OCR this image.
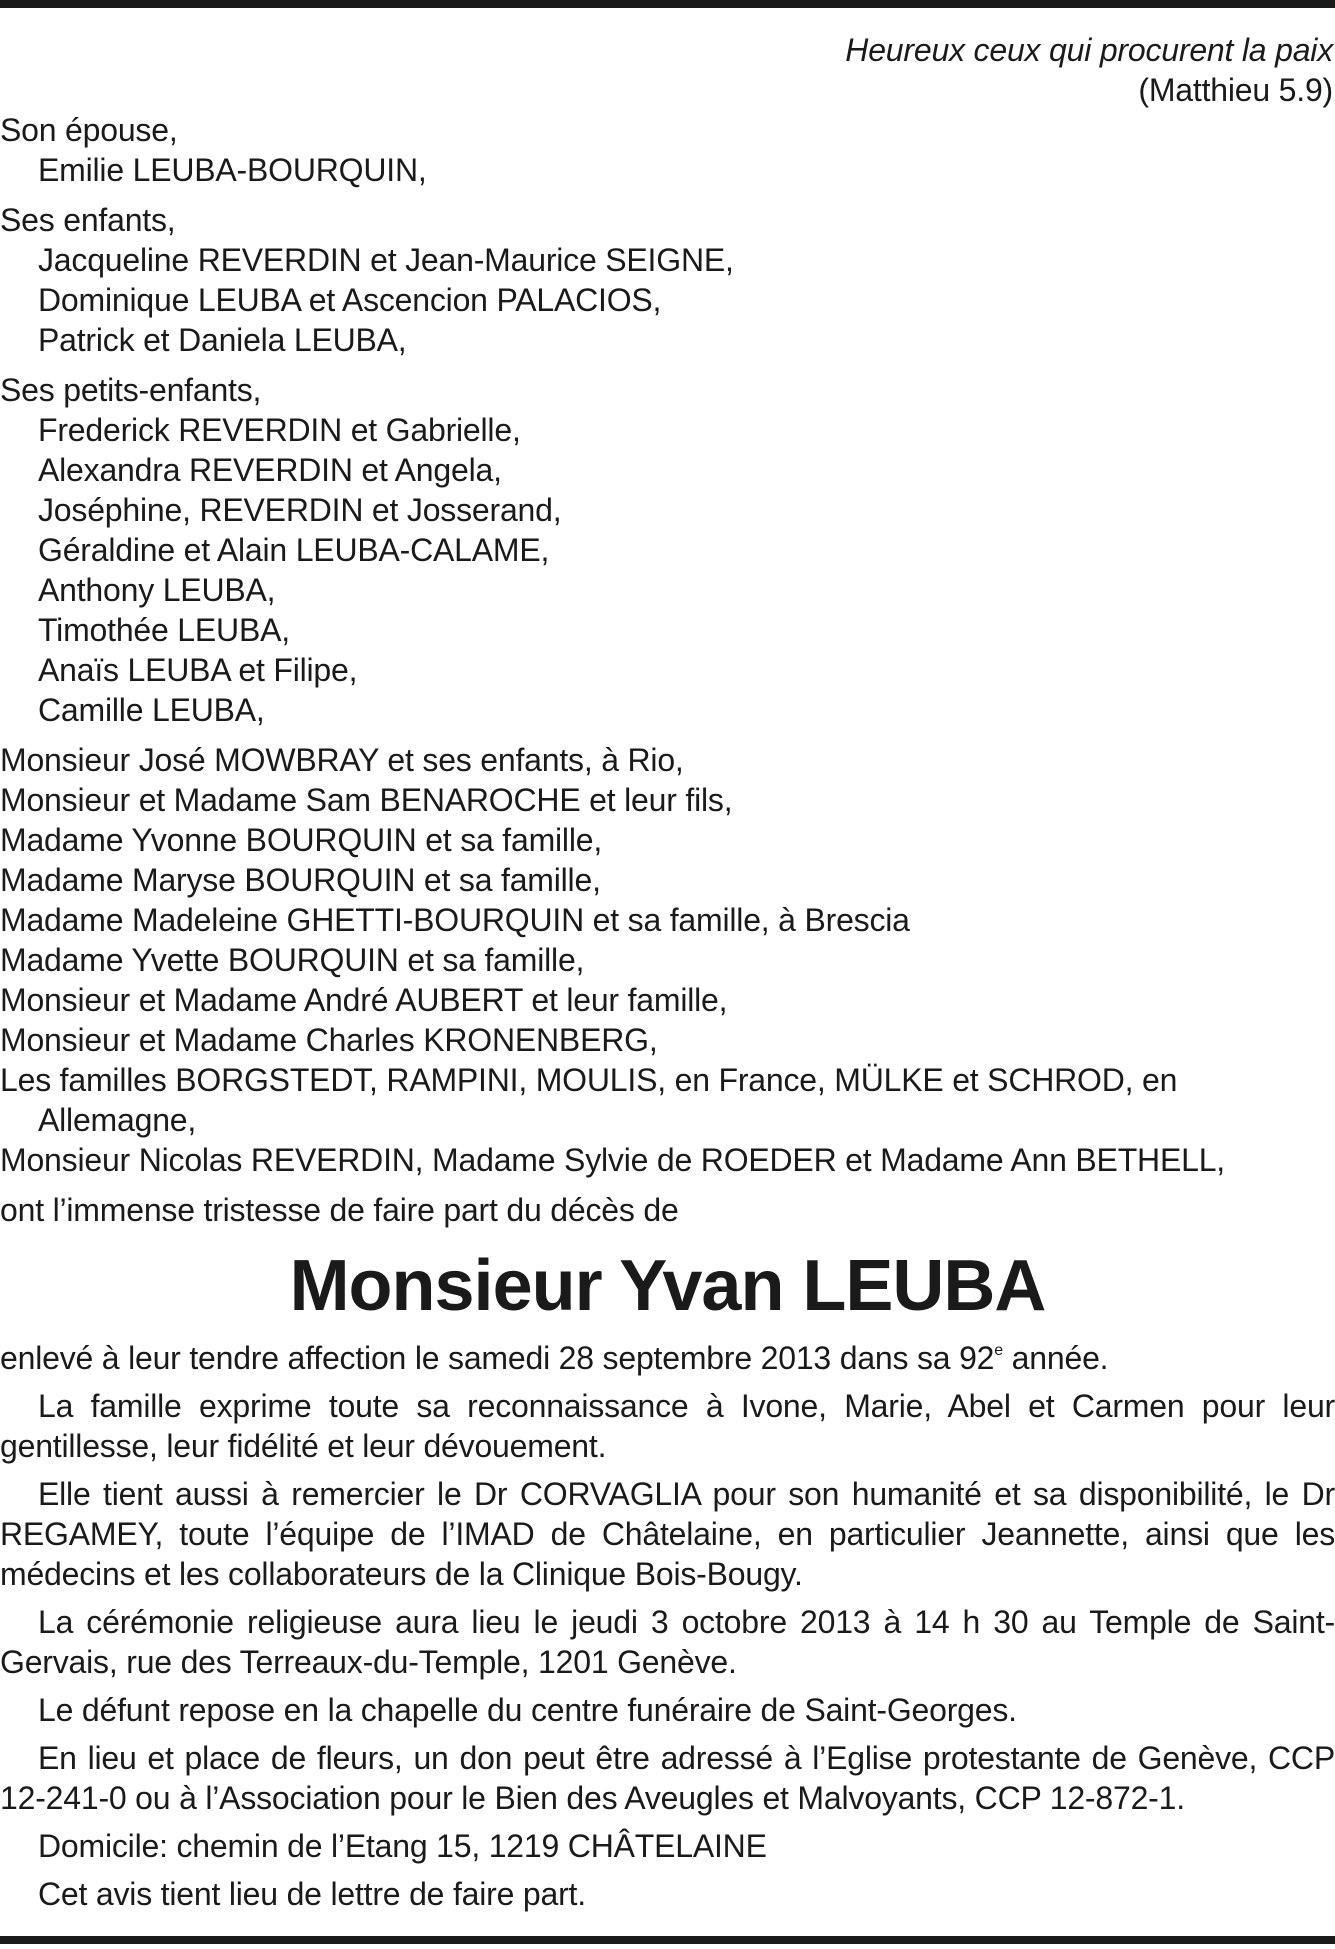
Heureux ceux qui procurent la paix

(Matthieu 5.9)

Son épouse,

Emilie LEUBA-BOURQUIN,

Ses enfants,

Jacqueline REVERDIN et Jean-Maurice SEIGNE,

Dominique LEUBA et Ascencion PALACIOS,

Patrick et Daniela LEUBA,

Ses petits-enfants,

Frederick REVERDIN et Gabrielle,

Alexandra REVERDIN et Angela,

Joséphine, REVERDIN et Josserand,

Géraldine et Alain LEUBA-CALAME,

Anthony LEUBA,

Timothée LEUBA,

Anaïs LEUBA et Filipe,

Camille LEUBA,

Monsieur José MOWBRAY et ses enfants, à Rio,

Monsieur et Madame Sam BENAROCHE et leur fils,

Madame Yvonne BOURQUIN et sa famille,

Madame Maryse BOURQUIN et sa famille,

Madame Madeleine GHETTI-BOURQUIN et sa famille, à Brescia

Madame Yvette BOURQUIN et sa famille,

Monsieur et Madame André AUBERT et leur famille,

Monsieur et Madame Charles KRONENBERG,

Les familles BORGSTEDT, RAMPINI, MOULIS, en France, MÜLKE et SCHROD, en Allemagne,

Monsieur Nicolas REVERDIN, Madame Sylvie de ROEDER et Madame Ann BETHELL,

ont l’immense tristesse de faire part du décès de

Monsieur Yvan LEUBA

enlevé à leur tendre affection le samedi 28 septembre 2013 dans sa 92e année.

La famille exprime toute sa reconnaissance à Ivone, Marie, Abel et Carmen pour leur gentillesse, leur fidélité et leur dévouement.

Elle tient aussi à remercier le Dr CORVAGLIA pour son humanité et sa disponibilité, le Dr REGAMEY, toute l’équipe de l’IMAD de Châtelaine, en particulier Jeannette, ainsi que les médecins et les collaborateurs de la Clinique Bois-Bougy.

La cérémonie religieuse aura lieu le jeudi 3 octobre 2013 à 14 h 30 au Temple de Saint-Gervais, rue des Terreaux-du-Temple, 1201 Genève.

Le défunt repose en la chapelle du centre funéraire de Saint-Georges.

En lieu et place de fleurs, un don peut être adressé à l’Eglise protestante de Genève, CCP 12-241-0 ou à l’Association pour le Bien des Aveugles et Malvoyants, CCP 12-872-1.

Domicile: chemin de l’Etang 15, 1219 CHÂTELAINE

Cet avis tient lieu de lettre de faire part.
